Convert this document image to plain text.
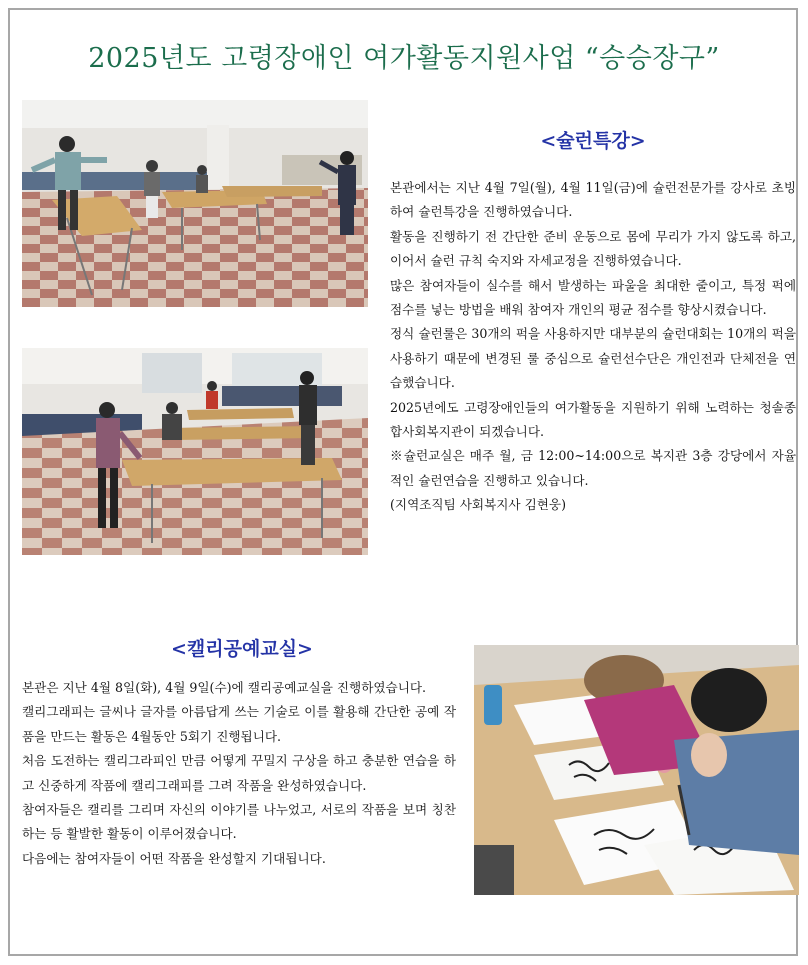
2025년도 고령장애인 여가활동지원사업 “승승장구”
<슐런특강>

본관에서는 지난 4월 7일(월), 4월 11일(금)에 슐런전문가를 강사로 초빙하여 슐런특강을 진행하였습니다.

활동을 진행하기 전 간단한 준비 운동으로 몸에 무리가 가지 않도록 하고, 이어서 슐런 규칙 숙지와 자세교정을 진행하였습니다.

많은 참여자들이 실수를 해서 발생하는 파울을 최대한 줄이고, 특정 퍽에 점수를 넣는 방법을 배워 참여자 개인의 평균 점수를 향상시켰습니다.

정식 슐런룰은 30개의 퍽을 사용하지만 대부분의 슐런대회는 10개의 퍽을 사용하기 때문에 변경된 룰 중심으로 슐런선수단은 개인전과 단체전을 연습했습니다.

2025년에도 고령장애인들의 여가활동을 지원하기 위해 노력하는 청솔종합사회복지관이 되겠습니다.

※슐런교실은 매주 월, 금 12:00~14:00으로 복지관 3층 강당에서 자율적인 슐런연습을 진행하고 있습니다.

(지역조직팀 사회복지사 김현웅)

<캘리공예교실>

본관은 지난 4월 8일(화), 4월 9일(수)에 캘리공예교실을 진행하였습니다.

캘리그래피는 글씨나 글자를 아름답게 쓰는 기술로 이를 활용해 간단한 공예 작품을 만드는 활동은 4월동안 5회기 진행됩니다.

처음 도전하는 캘리그라피인 만큼 어떻게 꾸밀지 구상을 하고 충분한 연습을 하고 신중하게 작품에 캘리그래피를 그려 작품을 완성하였습니다.

참여자들은 캘리를 그리며 자신의 이야기를 나누었고, 서로의 작품을 보며 칭찬하는 등 활발한 활동이 이루어졌습니다.

다음에는 참여자들이 어떤 작품을 완성할지 기대됩니다.
